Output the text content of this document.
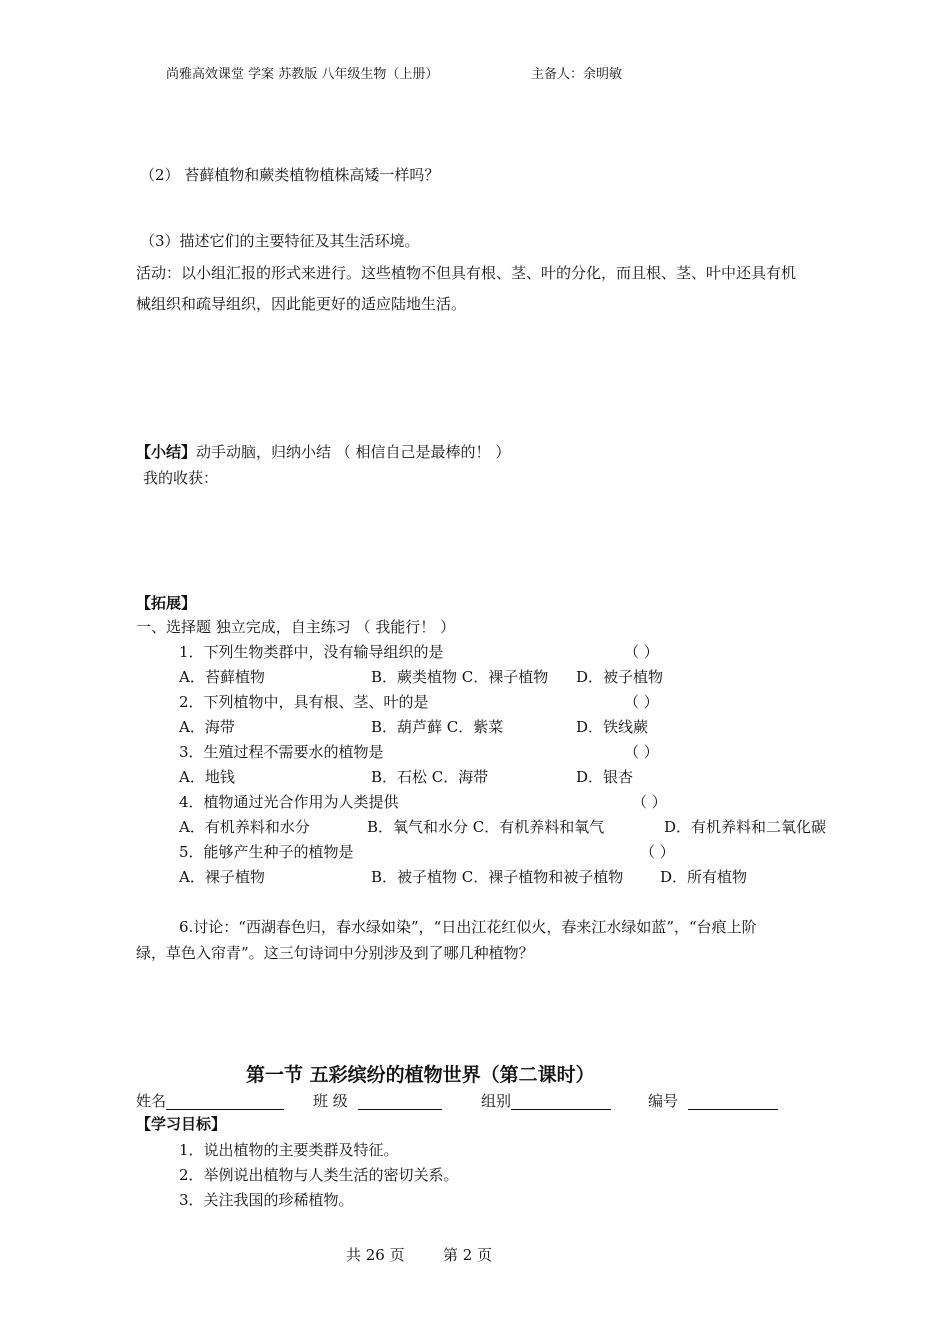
尚雅高效课堂 学案 苏教版 八年级生物（上册）	主备人：余明敏
（2） 苔藓植物和蕨类植物植株高矮一样吗？
（3）描述它们的主要特征及其生活环境。
活动：以小组汇报的形式来进行。这些植物不但具有根、茎、叶的分化，而且根、茎、叶中还具有机
械组织和疏导组织，因此能更好的适应陆地生活。
【小结】动手动脑，归纳小结 （ 相信自己是最棒的！ ）
我的收获：
【拓展】
一、选择题 独立完成，自主练习 （ 我能行！ ）
1．下列生物类群中，没有输导组织的是	（ ）
A．苔藓植物	B．蕨类植物 C．裸子植物 D．被子植物
2．下列植物中，具有根、茎、叶的是	（ ）
A．海带	B．葫芦藓 C．紫菜	D．铁线蕨
3．生殖过程不需要水的植物是	（ ）
A．地钱	B．石松 C．海带	D．银杏
4．植物通过光合作用为人类提供	（ ）
A．有机养料和水分	B．氧气和水分 C．有机养料和氧气	D．有机养料和二氧化碳
5．能够产生种子的植物是	（ ）
A．裸子植物	B．被子植物 C．裸子植物和被子植物 D．所有植物
6.讨论：“西湖春色归，春水绿如染”，“日出江花红似火，春来江水绿如蓝”，“台痕上阶
绿，草色入帘青”。这三句诗词中分别涉及到了哪几种植物？
第一节 五彩缤纷的植物世界（第二课时）
姓名	班 级	组别	编号
【学习目标】
1．说出植物的主要类群及特征。
2．举例说出植物与人类生活的密切关系。
3．关注我国的珍稀植物。
共 26 页	第 2 页
